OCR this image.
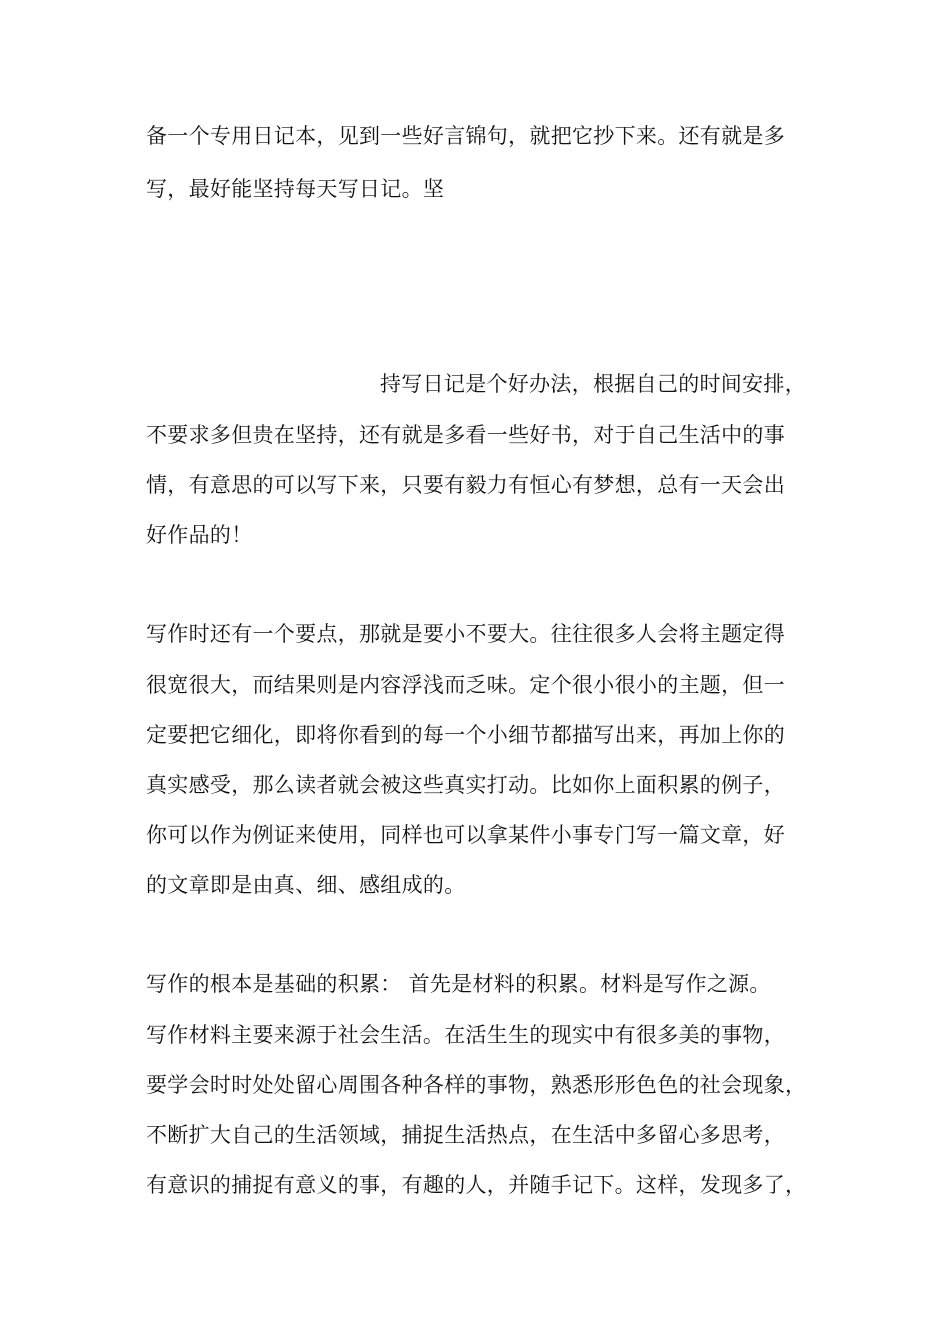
备一个专用日记本，见到一些好言锦句，就把它抄下来。还有就是多
写，最好能坚持每天写日记。坚
持写日记是个好办法，根据自己的时间安排，
不要求多但贵在坚持，还有就是多看一些好书，对于自己生活中的事
情，有意思的可以写下来，只要有毅力有恒心有梦想，总有一天会出
好作品的！
写作时还有一个要点，那就是要小不要大。往往很多人会将主题定得
很宽很大，而结果则是内容浮浅而乏味。定个很小很小的主题，但一
定要把它细化，即将你看到的每一个小细节都描写出来，再加上你的
真实感受，那么读者就会被这些真实打动。比如你上面积累的例子，
你可以作为例证来使用，同样也可以拿某件小事专门写一篇文章，好
的文章即是由真、细、感组成的。
写作的根本是基础的积累： 首先是材料的积累。材料是写作之源。
写作材料主要来源于社会生活。在活生生的现实中有很多美的事物，
要学会时时处处留心周围各种各样的事物，熟悉形形色色的社会现象，
不断扩大自己的生活领域，捕捉生活热点，在生活中多留心多思考，
有意识的捕捉有意义的事，有趣的人，并随手记下。这样，发现多了，
